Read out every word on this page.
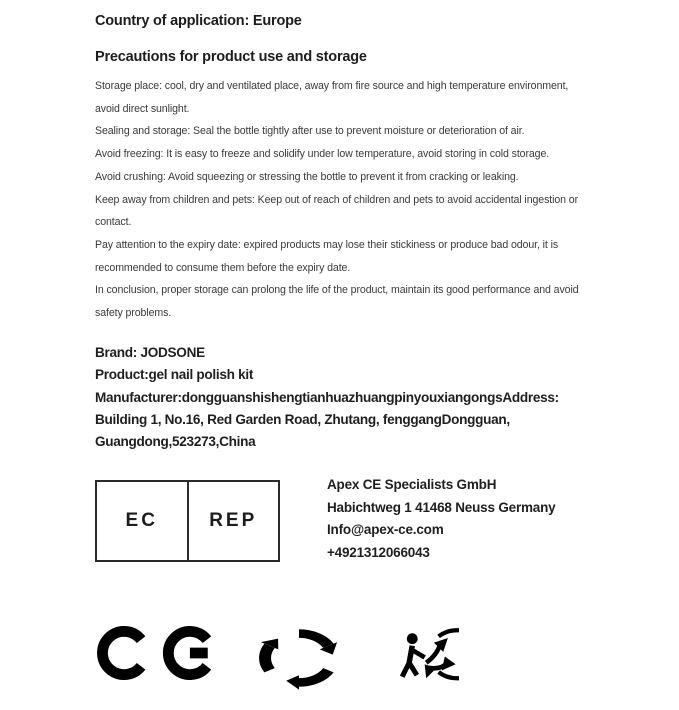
Country of application: Europe
Precautions for product use and storage
Storage place: cool, dry and ventilated place, away from fire source and high temperature environment,
avoid direct sunlight.
Sealing and storage: Seal the bottle tightly after use to prevent moisture or deterioration of air.
Avoid freezing: It is easy to freeze and solidify under low temperature, avoid storing in cold storage.
Avoid crushing: Avoid squeezing or stressing the bottle to prevent it from cracking or leaking.
Keep away from children and pets: Keep out of reach of children and pets to avoid accidental ingestion or
contact.
Pay attention to the expiry date: expired products may lose their stickiness or produce bad odour, it is
recommended to consume them before the expiry date.
In conclusion, proper storage can prolong the life of the product, maintain its good performance and avoid
safety problems.
Brand: JODSONE
Product:gel nail polish kit
Manufacturer:dongguanshishengtianhuazhuangpinyouxiangongsAddress:
Building 1, No.16, Red Garden Road, Zhutang, fenggangDongguan,
Guangdong,523273,China
EC	REP
Apex CE Specialists GmbH
Habichtweg 1 41468 Neuss Germany
Info@apex-ce.com
+4921312066043
